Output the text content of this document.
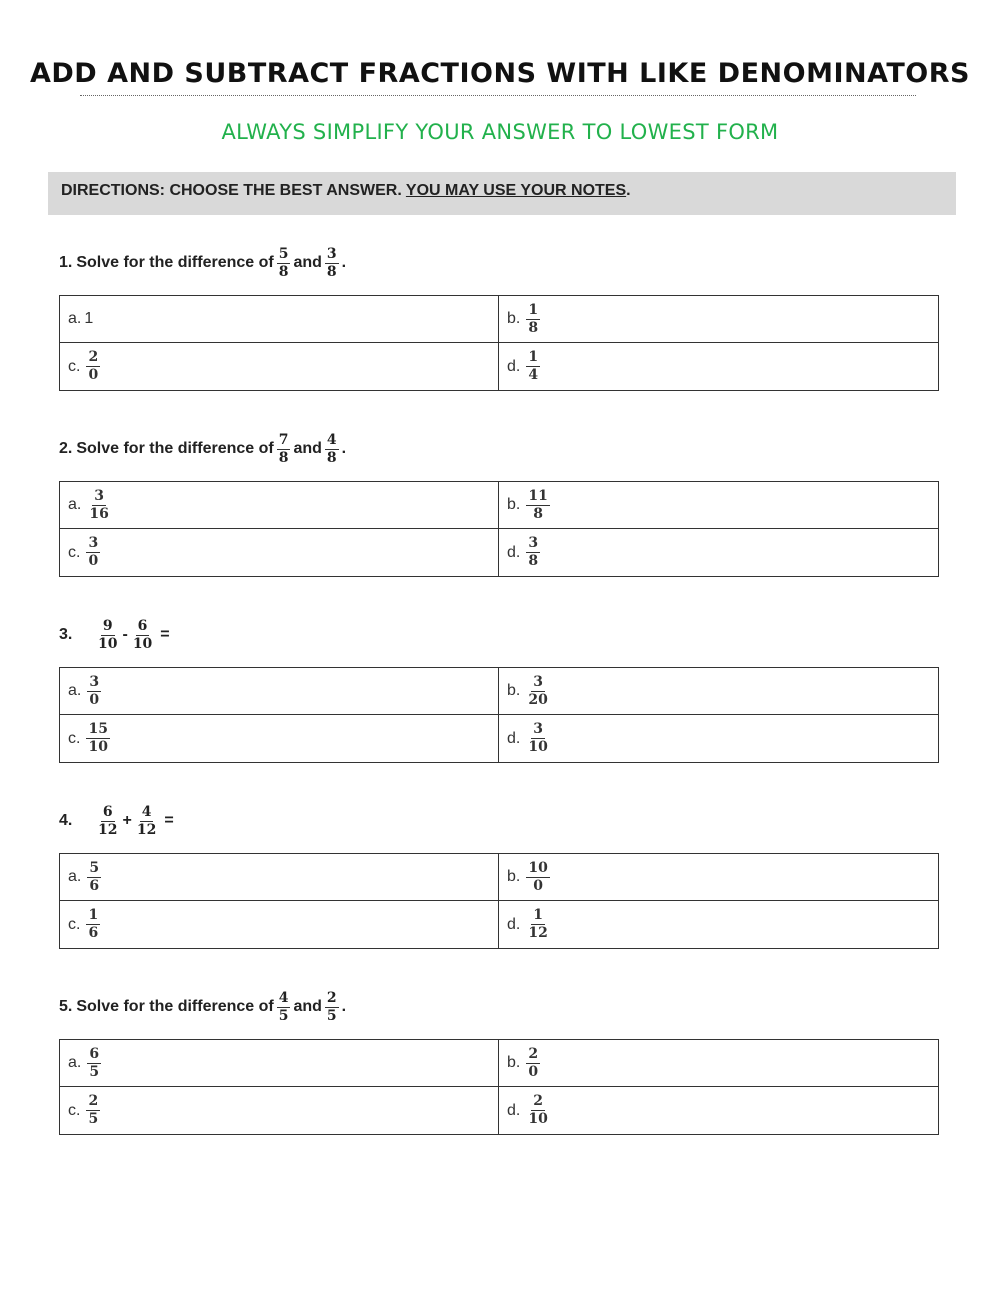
ADD AND SUBTRACT FRACTIONS WITH LIKE DENOMINATORS
ALWAYS SIMPLIFY YOUR ANSWER TO LOWEST FORM
DIRECTIONS: CHOOSE THE BEST ANSWER. YOU MAY USE YOUR NOTES.
1. Solve for the difference of $\frac{5}{8}$ and $\frac{3}{8}$ .
a. 1	b. $\frac{1}{8}$
c. $\frac{2}{0}$	d. $\frac{1}{4}$
2. Solve for the difference of $\frac{7}{8}$ and $\frac{4}{8}$ .
a. $\frac{3}{16}$	b. $\frac{11}{8}$
c. $\frac{3}{0}$	d. $\frac{3}{8}$
3.	$\frac{9}{10} - \frac{6}{10}$ =
a. $\frac{3}{0}$	b. $\frac{3}{20}$
c. $\frac{15}{10}$	d. $\frac{3}{10}$
4.	$\frac{6}{12} + \frac{4}{12}$ =
a. $\frac{5}{6}$	b. $\frac{10}{0}$
c. $\frac{1}{6}$	d. $\frac{1}{12}$
5. Solve for the difference of $\frac{4}{5}$ and $\frac{2}{5}$ .
a. $\frac{6}{5}$	b. $\frac{2}{0}$
c. $\frac{2}{5}$	d. $\frac{2}{10}$
